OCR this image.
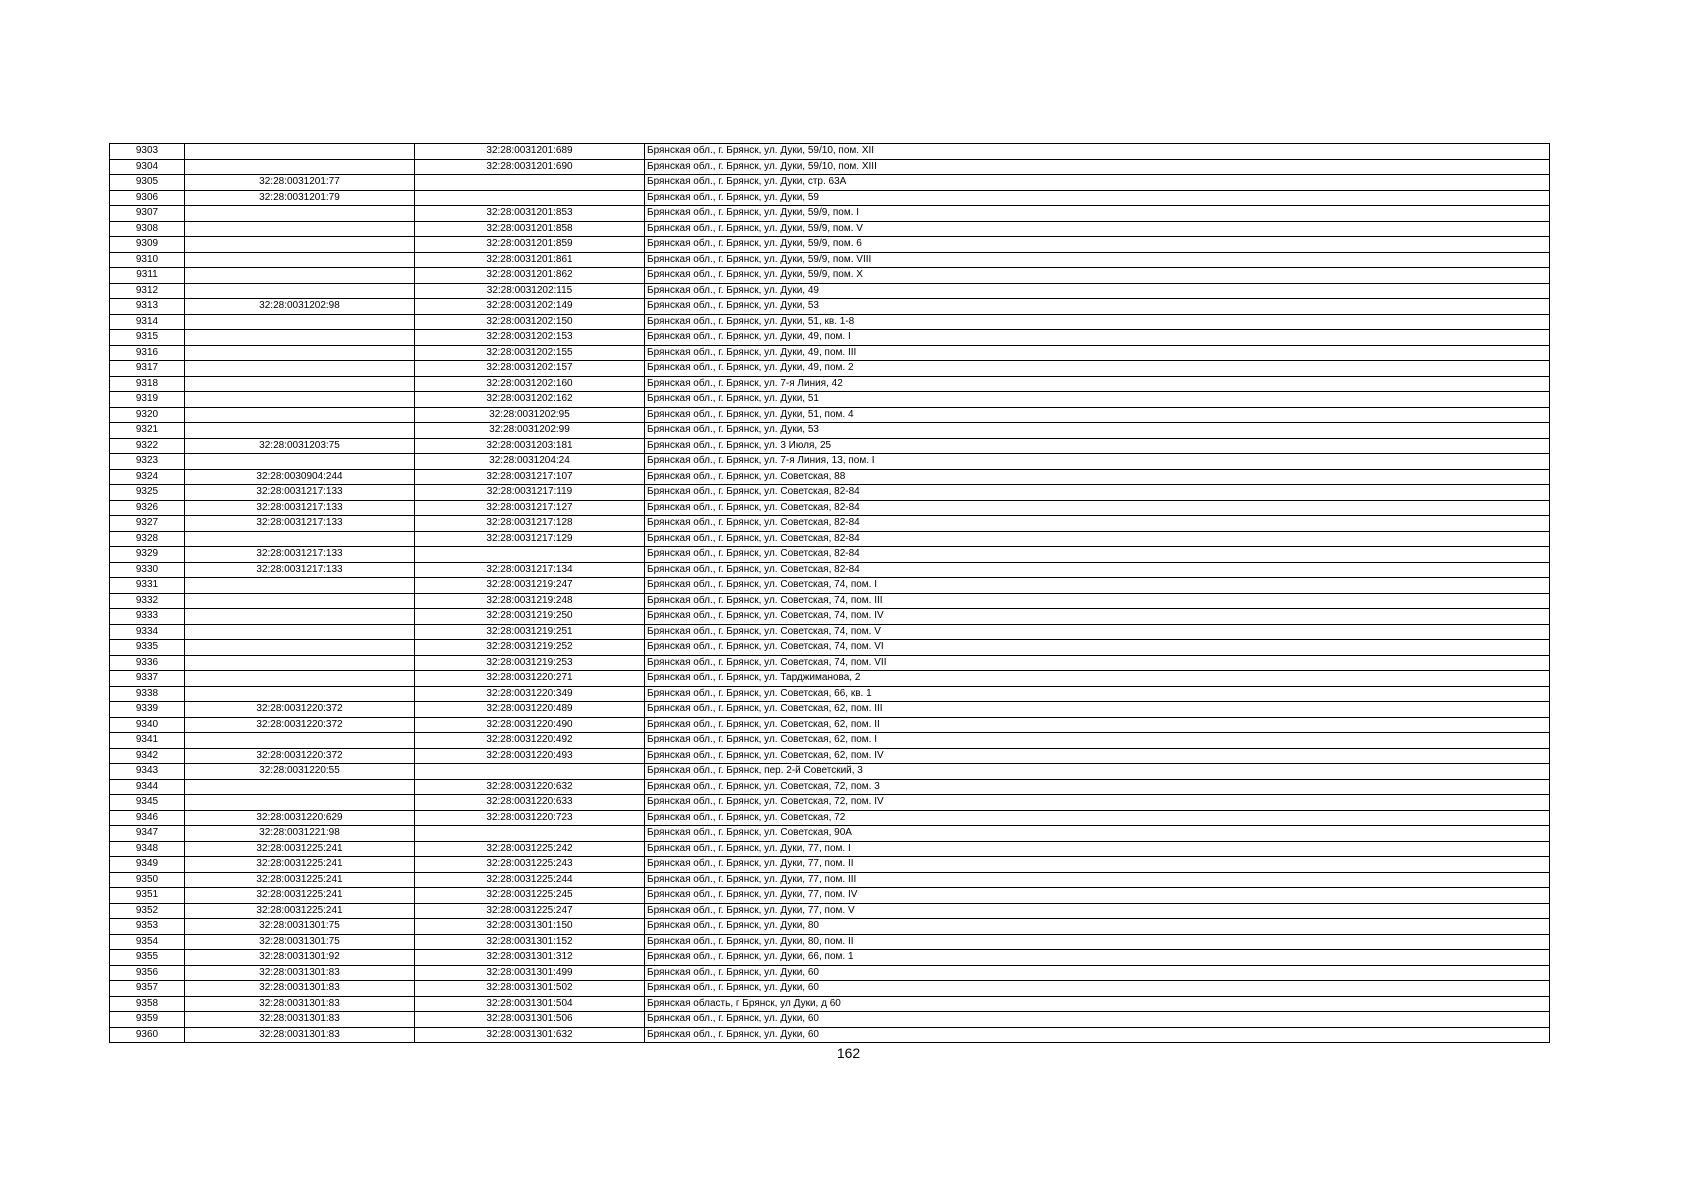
9303		32:28:0031201:689	Брянская обл., г. Брянск, ул. Дуки, 59/10, пом. XII
9304		32:28:0031201:690	Брянская обл., г. Брянск, ул. Дуки, 59/10, пом. XIII
9305	32:28:0031201:77		Брянская обл., г. Брянск, ул. Дуки, стр. 63А
9306	32:28:0031201:79		Брянская обл., г. Брянск, ул. Дуки, 59
9307		32:28:0031201:853	Брянская обл., г. Брянск, ул. Дуки, 59/9, пом. I
9308		32:28:0031201:858	Брянская обл., г. Брянск, ул. Дуки, 59/9, пом. V
9309		32:28:0031201:859	Брянская обл., г. Брянск, ул. Дуки, 59/9, пом. 6
9310		32:28:0031201:861	Брянская обл., г. Брянск, ул. Дуки, 59/9, пом. VIII
9311		32:28:0031201:862	Брянская обл., г. Брянск, ул. Дуки, 59/9, пом. X
9312		32:28:0031202:115	Брянская обл., г. Брянск, ул. Дуки, 49
9313	32:28:0031202:98	32:28:0031202:149	Брянская обл., г. Брянск, ул. Дуки, 53
9314		32:28:0031202:150	Брянская обл., г. Брянск, ул. Дуки, 51, кв. 1-8
9315		32:28:0031202:153	Брянская обл., г. Брянск, ул. Дуки, 49, пом. I
9316		32:28:0031202:155	Брянская обл., г. Брянск, ул. Дуки, 49, пом. III
9317		32:28:0031202:157	Брянская обл., г. Брянск, ул. Дуки, 49, пом. 2
9318		32:28:0031202:160	Брянская обл., г. Брянск, ул. 7-я Линия, 42
9319		32:28:0031202:162	Брянская обл., г. Брянск, ул. Дуки, 51
9320		32:28:0031202:95	Брянская обл., г. Брянск, ул. Дуки, 51, пом. 4
9321		32:28:0031202:99	Брянская обл., г. Брянск, ул. Дуки, 53
9322	32:28:0031203:75	32:28:0031203:181	Брянская обл., г. Брянск, ул. 3 Июля, 25
9323		32:28:0031204:24	Брянская обл., г. Брянск, ул. 7-я Линия, 13, пом. I
9324	32:28:0030904:244	32:28:0031217:107	Брянская обл., г. Брянск, ул. Советская, 88
9325	32:28:0031217:133	32:28:0031217:119	Брянская обл., г. Брянск, ул. Советская, 82-84
9326	32:28:0031217:133	32:28:0031217:127	Брянская обл., г. Брянск, ул. Советская, 82-84
9327	32:28:0031217:133	32:28:0031217:128	Брянская обл., г. Брянск, ул. Советская, 82-84
9328		32:28:0031217:129	Брянская обл., г. Брянск, ул. Советская, 82-84
9329	32:28:0031217:133		Брянская обл., г. Брянск, ул. Советская, 82-84
9330	32:28:0031217:133	32:28:0031217:134	Брянская обл., г. Брянск, ул. Советская, 82-84
9331		32:28:0031219:247	Брянская обл., г. Брянск, ул. Советская, 74, пом. I
9332		32:28:0031219:248	Брянская обл., г. Брянск, ул. Советская, 74, пом. III
9333		32:28:0031219:250	Брянская обл., г. Брянск, ул. Советская, 74, пом. IV
9334		32:28:0031219:251	Брянская обл., г. Брянск, ул. Советская, 74, пом. V
9335		32:28:0031219:252	Брянская обл., г. Брянск, ул. Советская, 74, пом. VI
9336		32:28:0031219:253	Брянская обл., г. Брянск, ул. Советская, 74, пом. VII
9337		32:28:0031220:271	Брянская обл., г. Брянск, ул. Тарджиманова, 2
9338		32:28:0031220:349	Брянская обл., г. Брянск, ул. Советская, 66, кв. 1
9339	32:28:0031220:372	32:28:0031220:489	Брянская обл., г. Брянск, ул. Советская, 62, пом. III
9340	32:28:0031220:372	32:28:0031220:490	Брянская обл., г. Брянск, ул. Советская, 62, пом. II
9341		32:28:0031220:492	Брянская обл., г. Брянск, ул. Советская, 62, пом. I
9342	32:28:0031220:372	32:28:0031220:493	Брянская обл., г. Брянск, ул. Советская, 62, пом. IV
9343	32:28:0031220:55		Брянская обл., г. Брянск, пер. 2-й Советский, 3
9344		32:28:0031220:632	Брянская обл., г. Брянск, ул. Советская, 72, пом. 3
9345		32:28:0031220:633	Брянская обл., г. Брянск, ул. Советская, 72, пом. IV
9346	32:28:0031220:629	32:28:0031220:723	Брянская обл., г. Брянск, ул. Советская, 72
9347	32:28:0031221:98		Брянская обл., г. Брянск, ул. Советская, 90А
9348	32:28:0031225:241	32:28:0031225:242	Брянская обл., г. Брянск, ул. Дуки, 77, пом. I
9349	32:28:0031225:241	32:28:0031225:243	Брянская обл., г. Брянск, ул. Дуки, 77, пом. II
9350	32:28:0031225:241	32:28:0031225:244	Брянская обл., г. Брянск, ул. Дуки, 77, пом. III
9351	32:28:0031225:241	32:28:0031225:245	Брянская обл., г. Брянск, ул. Дуки, 77, пом. IV
9352	32:28:0031225:241	32:28:0031225:247	Брянская обл., г. Брянск, ул. Дуки, 77, пом. V
9353	32:28:0031301:75	32:28:0031301:150	Брянская обл., г. Брянск, ул. Дуки, 80
9354	32:28:0031301:75	32:28:0031301:152	Брянская обл., г. Брянск, ул. Дуки, 80, пом. II
9355	32:28:0031301:92	32:28:0031301:312	Брянская обл., г. Брянск, ул. Дуки, 66, пом. 1
9356	32:28:0031301:83	32:28:0031301:499	Брянская обл., г. Брянск, ул. Дуки, 60
9357	32:28:0031301:83	32:28:0031301:502	Брянская обл., г. Брянск, ул. Дуки, 60
9358	32:28:0031301:83	32:28:0031301:504	Брянская область, г Брянск, ул Дуки, д 60
9359	32:28:0031301:83	32:28:0031301:506	Брянская обл., г. Брянск, ул. Дуки, 60
9360	32:28:0031301:83	32:28:0031301:632	Брянская обл., г. Брянск, ул. Дуки, 60
162
